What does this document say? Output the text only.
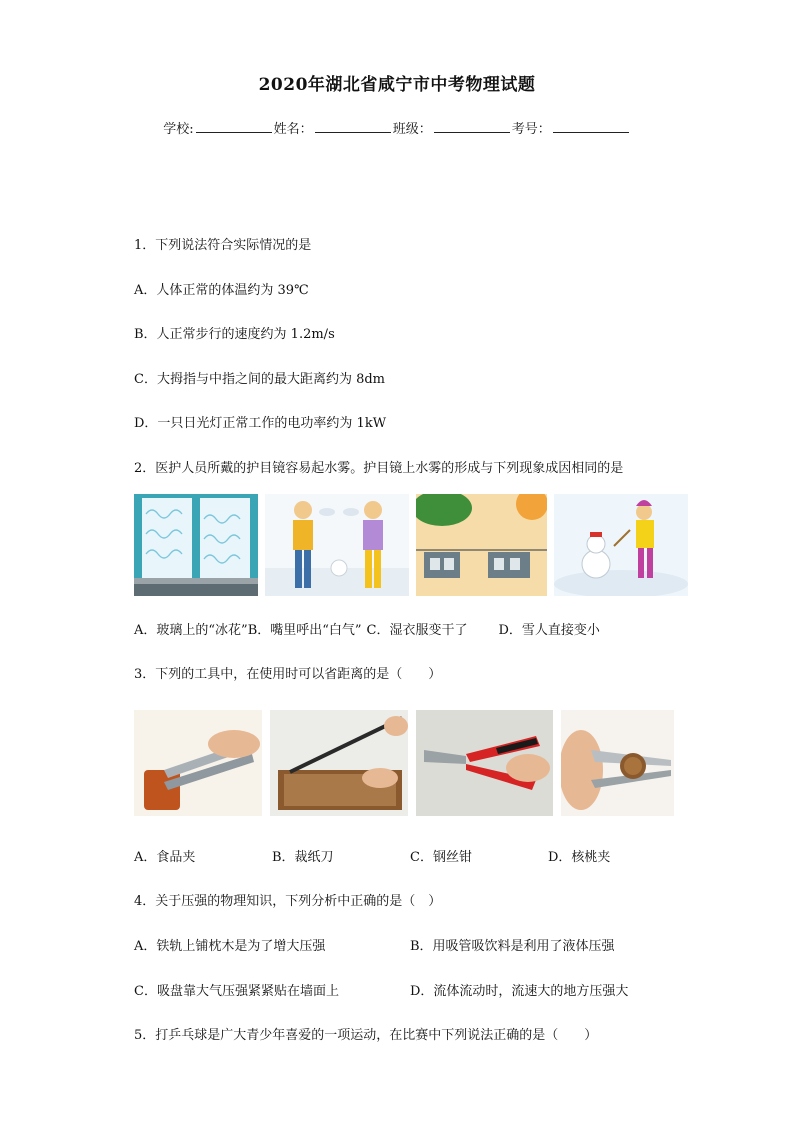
2020年湖北省咸宁市中考物理试题
学校:	姓名：	班级：	考号：
1．下列说法符合实际情况的是
A．人体正常的体温约为 39℃
B．人正常步行的速度约为 1.2m/s
C．大拇指与中指之间的最大距离约为 8dm
D．一只日光灯正常工作的电功率约为 1kW
2．医护人员所戴的护目镜容易起水雾。护目镜上水雾的形成与下列现象成因相同的是
A．玻璃上的“冰花”B．嘴里呼出“白气” C．湿衣服变干了 D．雪人直接变小
3．下列的工具中，在使用时可以省距离的是（　　）
A．食品夹	B．裁纸刀	C．钢丝钳	D．核桃夹
4．关于压强的物理知识，下列分析中正确的是（　）
A．铁轨上铺枕木是为了增大压强	B．用吸管吸饮料是利用了液体压强
C．吸盘靠大气压强紧紧贴在墙面上	D．流体流动时，流速大的地方压强大
5．打乒乓球是广大青少年喜爱的一项运动，在比赛中下列说法正确的是（　　）
